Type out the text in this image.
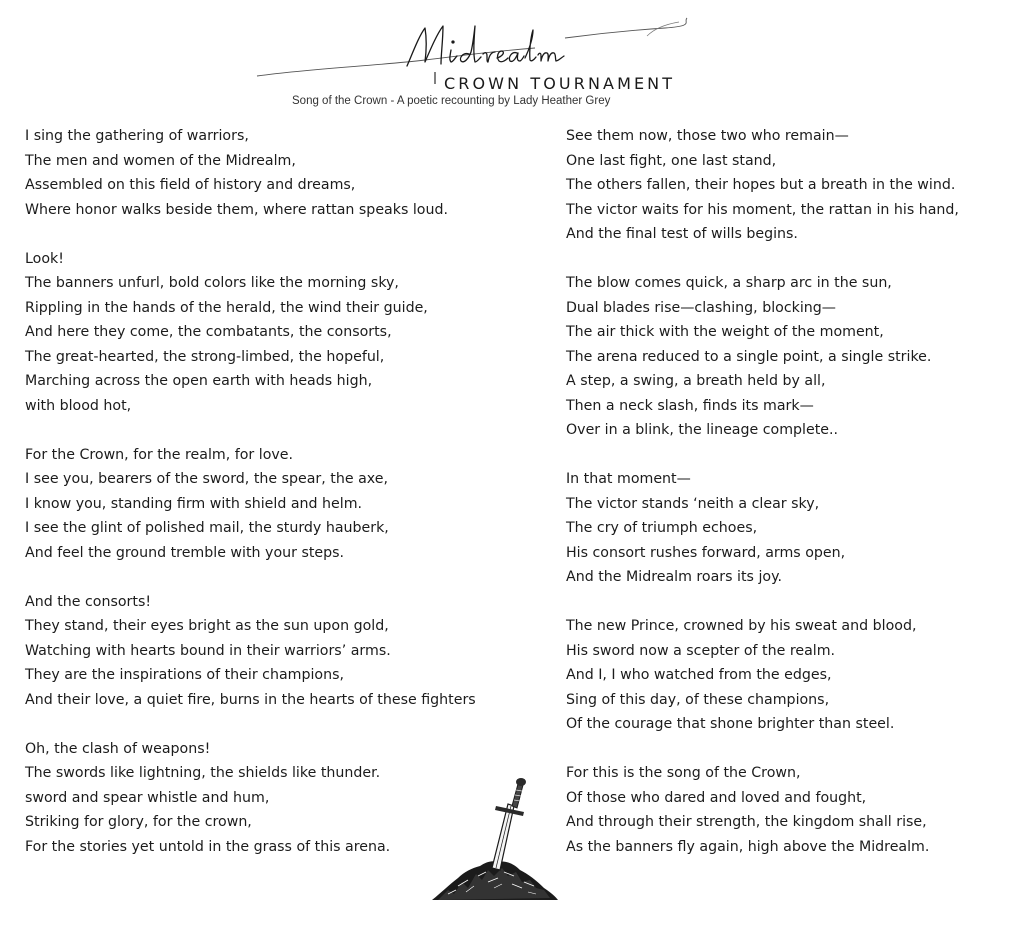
CROWN TOURNAMENT
Song of the Crown - A poetic recounting by Lady Heather Grey
I sing the gathering of warriors,
The men and women of the Midrealm,
Assembled on this field of history and dreams,
Where honor walks beside them, where rattan speaks loud.
Look!
The banners unfurl, bold colors like the morning sky,
Rippling in the hands of the herald, the wind their guide,
And here they come, the combatants, the consorts,
The great-hearted, the strong-limbed, the hopeful,
Marching across the open earth with heads high,
with blood hot,
For the Crown, for the realm, for love.
I see you, bearers of the sword, the spear, the axe,
I know you, standing firm with shield and helm.
I see the glint of polished mail, the sturdy hauberk,
And feel the ground tremble with your steps.
And the consorts!
They stand, their eyes bright as the sun upon gold,
Watching with hearts bound in their warriors’ arms.
They are the inspirations of their champions,
And their love, a quiet fire, burns in the hearts of these fighters
Oh, the clash of weapons!
The swords like lightning, the shields like thunder.
sword and spear whistle and hum,
Striking for glory, for the crown,
For the stories yet untold in the grass of this arena.
See them now, those two who remain—
One last fight, one last stand,
The others fallen, their hopes but a breath in the wind.
The victor waits for his moment, the rattan in his hand,
And the final test of wills begins.
The blow comes quick, a sharp arc in the sun,
Dual blades rise—clashing, blocking—
The air thick with the weight of the moment,
The arena reduced to a single point, a single strike.
A step, a swing, a breath held by all,
Then a neck slash, finds its mark—
Over in a blink, the lineage complete..
In that moment—
The victor stands ‘neith a clear sky,
The cry of triumph echoes,
His consort rushes forward, arms open,
And the Midrealm roars its joy.
The new Prince, crowned by his sweat and blood,
His sword now a scepter of the realm.
And I, I who watched from the edges,
Sing of this day, of these champions,
Of the courage that shone brighter than steel.
For this is the song of the Crown,
Of those who dared and loved and fought,
And through their strength, the kingdom shall rise,
As the banners fly again, high above the Midrealm.
